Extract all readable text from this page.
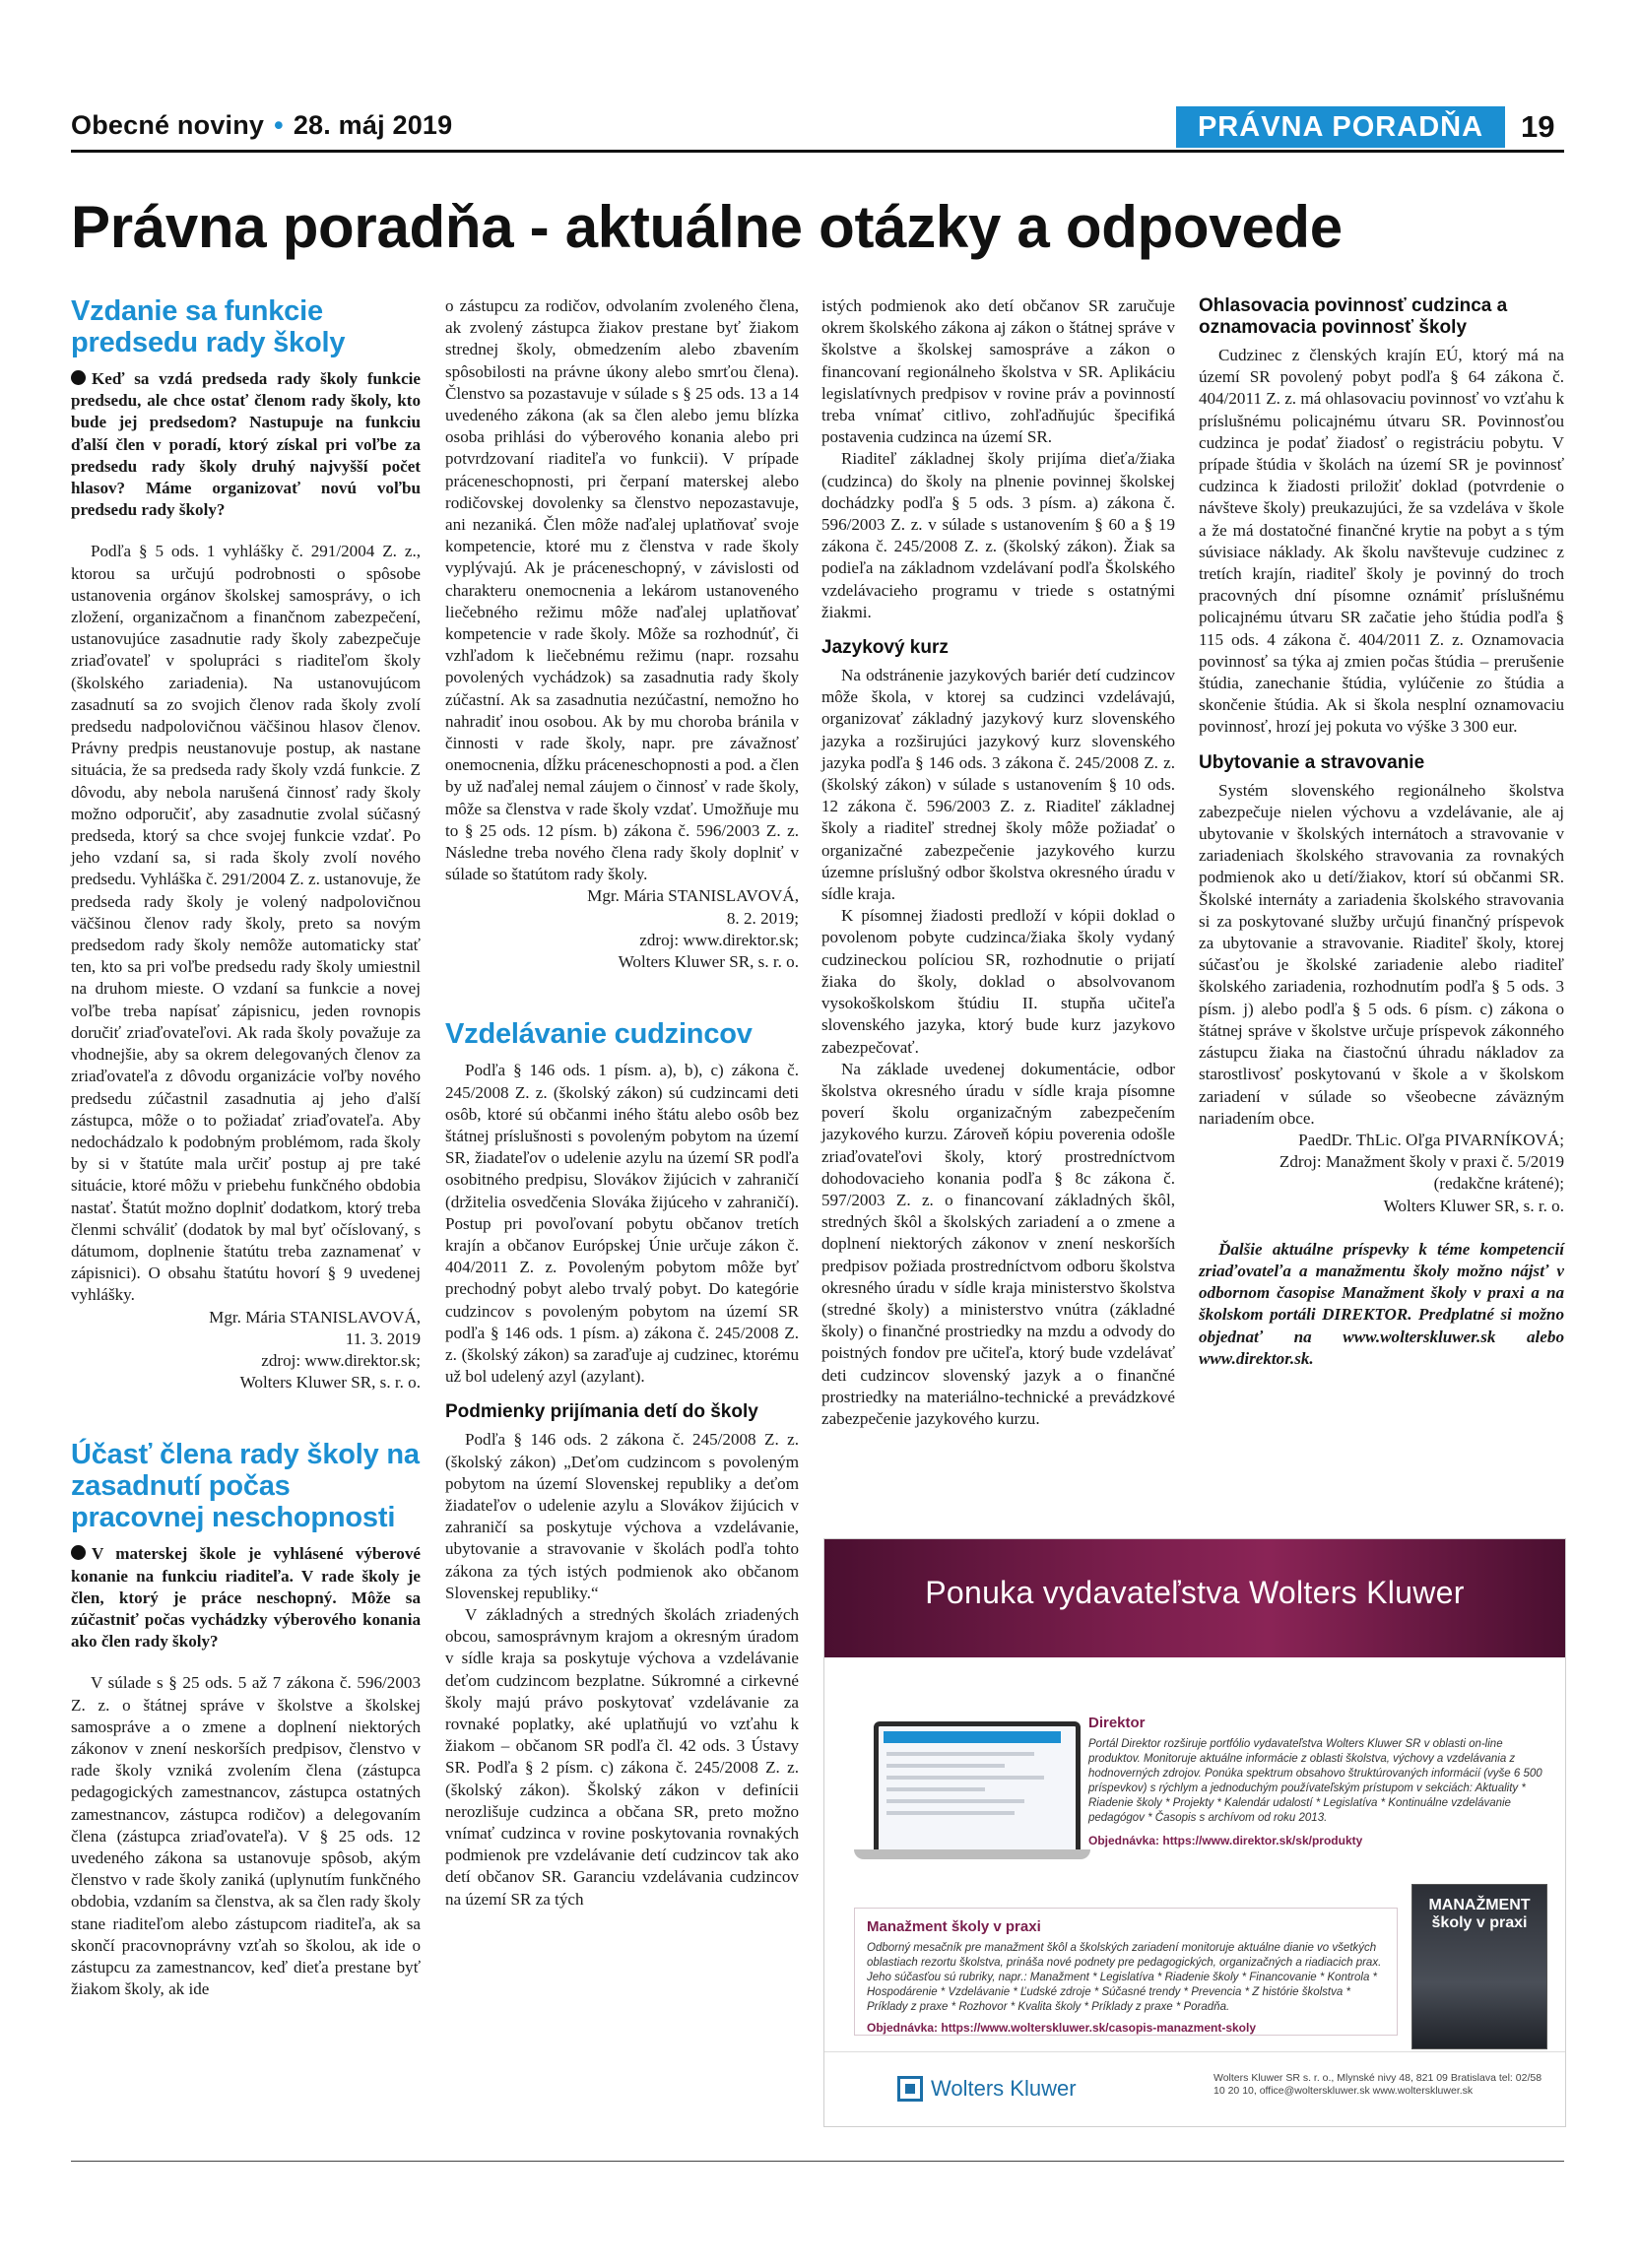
Obecné noviny • 28. máj 2019	PRÁVNA PORADŇA	19
Právna poradňa - aktuálne otázky a odpovede
Vzdanie sa funkcie predsedu rady školy

Keď sa vzdá predseda rady školy funkcie predsedu, ale chce ostať členom rady školy, kto bude jej predsedom? Nastupuje na funkciu ďalší člen v poradí, ktorý získal pri voľbe za predsedu rady školy druhý najvyšší počet hlasov? Máme organizovať novú voľbu predsedu rady školy?

Podľa § 5 ods. 1 vyhlášky č. 291/2004 Z. z., ktorou sa určujú podrobnosti o spôsobe ustanovenia orgánov školskej samosprávy, o ich zložení, organizačnom a finančnom zabezpečení, ustanovujúce zasadnutie rady školy zabezpečuje zriaďovateľ v spolupráci s riaditeľom školy (školského zariadenia). Na ustanovujúcom zasadnutí sa zo svojich členov rada školy zvolí predsedu nadpolovičnou väčšinou hlasov členov. Právny predpis neustanovuje postup, ak nastane situácia, že sa predseda rady školy vzdá funkcie. Z dôvodu, aby nebola narušená činnosť rady školy možno odporučiť, aby zasadnutie zvolal súčasný predseda, ktorý sa chce svojej funkcie vzdať. Po jeho vzdaní sa, si rada školy zvolí nového predsedu. Vyhláška č. 291/2004 Z. z. ustanovuje, že predseda rady školy je volený nadpolovičnou väčšinou členov rady školy, preto sa novým predsedom rady školy nemôže automaticky stať ten, kto sa pri voľbe predsedu rady školy umiestnil na druhom mieste. O vzdaní sa funkcie a novej voľbe treba napísať zápisnicu, jeden rovnopis doručiť zriaďovateľovi. Ak rada školy považuje za vhodnejšie, aby sa okrem delegovaných členov za zriaďovateľa z dôvodu organizácie voľby nového predsedu zúčastnil zasadnutia aj jeho ďalší zástupca, môže o to požiadať zriaďovateľa. Aby nedochádzalo k podobným problémom, rada školy by si v štatúte mala určiť postup aj pre také situácie, ktoré môžu v priebehu funkčného obdobia nastať. Štatút možno doplniť dodatkom, ktorý treba členmi schváliť (dodatok by mal byť očíslovaný, s dátumom, doplnenie štatútu treba zaznamenať v zápisnici). O obsahu štatútu hovorí § 9 uvedenej vyhlášky.

Mgr. Mária STANISLAVOVÁ,

11. 3. 2019

zdroj: www.direktor.sk;

Wolters Kluwer SR, s. r. o.

Účasť člena rady školy na zasadnutí počas pracovnej neschopnosti

V materskej škole je vyhlásené výberové konanie na funkciu riaditeľa. V rade školy je člen, ktorý je práce neschopný. Môže sa zúčastniť počas vychádzky výberového konania ako člen rady školy?

V súlade s § 25 ods. 5 až 7 zákona č. 596/2003 Z. z. o štátnej správe v školstve a školskej samospráve a o zmene a doplnení niektorých zákonov v znení neskorších predpisov, členstvo v rade školy vzniká zvolením člena (zástupca pedagogických zamestnancov, zástupca ostatných zamestnancov, zástupca rodičov) a delegovaním člena (zástupca zriaďovateľa). V § 25 ods. 12 uvedeného zákona sa ustanovuje spôsob, akým členstvo v rade školy zaniká (uplynutím funkčného obdobia, vzdaním sa členstva, ak sa člen rady školy stane riaditeľom alebo zástupcom riaditeľa, ak sa skončí pracovnoprávny vzťah so školou, ak ide o zástupcu za zamestnancov, keď dieťa prestane byť žiakom školy, ak ide

o zástupcu za rodičov, odvolaním zvoleného člena, ak zvolený zástupca žiakov prestane byť žiakom strednej školy, obmedzením alebo zbavením spôsobilosti na právne úkony alebo smrťou člena). Členstvo sa pozastavuje v súlade s § 25 ods. 13 a 14 uvedeného zákona (ak sa člen alebo jemu blízka osoba prihlási do výberového konania alebo pri potvrdzovaní riaditeľa vo funkcii). V prípade práceneschopnosti, pri čerpaní materskej alebo rodičovskej dovolenky sa členstvo nepozastavuje, ani nezaniká. Člen môže naďalej uplatňovať svoje kompetencie, ktoré mu z členstva v rade školy vyplývajú. Ak je práceneschopný, v závislosti od charakteru onemocnenia a lekárom ustanoveného liečebného režimu môže naďalej uplatňovať kompetencie v rade školy. Môže sa rozhodnúť, či vzhľadom k liečebnému režimu (napr. rozsahu povolených vychádzok) sa zasadnutia rady školy zúčastní. Ak sa zasadnutia nezúčastní, nemožno ho nahradiť inou osobou. Ak by mu choroba bránila v činnosti v rade školy, napr. pre závažnosť onemocnenia, dĺžku práceneschopnosti a pod. a člen by už naďalej nemal záujem o činnosť v rade školy, môže sa členstva v rade školy vzdať. Umožňuje mu to § 25 ods. 12 písm. b) zákona č. 596/2003 Z. z. Následne treba nového člena rady školy doplniť v súlade so štatútom rady školy.

Mgr. Mária STANISLAVOVÁ,

8. 2. 2019;

zdroj: www.direktor.sk;

Wolters Kluwer SR, s. r. o.

Vzdelávanie cudzincov

Podľa § 146 ods. 1 písm. a), b), c) zákona č. 245/2008 Z. z. (školský zákon) sú cudzincami deti osôb, ktoré sú občanmi iného štátu alebo osôb bez štátnej príslušnosti s povoleným pobytom na území SR, žiadateľov o udelenie azylu na území SR podľa osobitného predpisu, Slovákov žijúcich v zahraničí (držitelia osvedčenia Slováka žijúceho v zahraničí). Postup pri povoľovaní pobytu občanov tretích krajín a občanov Európskej Únie určuje zákon č. 404/2011 Z. z. Povoleným pobytom môže byť prechodný pobyt alebo trvalý pobyt. Do kategórie cudzincov s povoleným pobytom na území SR podľa § 146 ods. 1 písm. a) zákona č. 245/2008 Z. z. (školský zákon) sa zaraďuje aj cudzinec, ktorému už bol udelený azyl (azylant).

Podmienky prijímania detí do školy

Podľa § 146 ods. 2 zákona č. 245/2008 Z. z. (školský zákon) „Deťom cudzincom s povoleným pobytom na území Slovenskej republiky a deťom žiadateľov o udelenie azylu a Slovákov žijúcich v zahraničí sa poskytuje výchova a vzdelávanie, ubytovanie a stravovanie v školách podľa tohto zákona za tých istých podmienok ako občanom Slovenskej republiky.“

V základných a stredných školách zriadených obcou, samosprávnym krajom a okresným úradom v sídle kraja sa poskytuje výchova a vzdelávanie deťom cudzincom bezplatne. Súkromné a cirkevné školy majú právo poskytovať vzdelávanie za rovnaké poplatky, aké uplatňujú vo vzťahu k žiakom – občanom SR podľa čl. 42 ods. 3 Ústavy SR. Podľa § 2 písm. c) zákona č. 245/2008 Z. z. (školský zákon). Školský zákon v definícii nerozlišuje cudzinca a občana SR, preto možno vnímať cudzinca v rovine poskytovania rovnakých podmienok pre vzdelávanie detí cudzincov tak ako detí občanov SR. Garanciu vzdelávania cudzincov na území SR za tých

istých podmienok ako detí občanov SR zaručuje okrem školského zákona aj zákon o štátnej správe v školstve a školskej samospráve a zákon o financovaní regionálneho školstva v SR. Aplikáciu legislatívnych predpisov v rovine práv a povinností treba vnímať citlivo, zohľadňujúc špecifiká postavenia cudzinca na území SR.

Riaditeľ základnej školy prijíma dieťa/žiaka (cudzinca) do školy na plnenie povinnej školskej dochádzky podľa § 5 ods. 3 písm. a) zákona č. 596/2003 Z. z. v súlade s ustanovením § 60 a § 19 zákona č. 245/2008 Z. z. (školský zákon). Žiak sa podieľa na základnom vzdelávaní podľa Školského vzdelávacieho programu v triede s ostatnými žiakmi.

Jazykový kurz

Na odstránenie jazykových bariér detí cudzincov môže škola, v ktorej sa cudzinci vzdelávajú, organizovať základný jazykový kurz slovenského jazyka a rozširujúci jazykový kurz slovenského jazyka podľa § 146 ods. 3 zákona č. 245/2008 Z. z. (školský zákon) v súlade s ustanovením § 10 ods. 12 zákona č. 596/2003 Z. z. Riaditeľ základnej školy a riaditeľ strednej školy môže požiadať o organizačné zabezpečenie jazykového kurzu územne príslušný odbor školstva okresného úradu v sídle kraja.

K písomnej žiadosti predloží v kópii doklad o povolenom pobyte cudzinca/žiaka školy vydaný cudzineckou políciou SR, rozhodnutie o prijatí žiaka do školy, doklad o absolvovanom vysokoškolskom štúdiu II. stupňa učiteľa slovenského jazyka, ktorý bude kurz jazykovo zabezpečovať.

Na základe uvedenej dokumentácie, odbor školstva okresného úradu v sídle kraja písomne poverí školu organizačným zabezpečením jazykového kurzu. Zároveň kópiu poverenia odošle zriaďovateľovi školy, ktorý prostredníctvom dohodovacieho konania podľa § 8c zákona č. 597/2003 Z. z. o financovaní základných škôl, stredných škôl a školských zariadení a o zmene a doplnení niektorých zákonov v znení neskorších predpisov požiada prostredníctvom odboru školstva okresného úradu v sídle kraja ministerstvo školstva (stredné školy) a ministerstvo vnútra (základné školy) o finančné prostriedky na mzdu a odvody do poistných fondov pre učiteľa, ktorý bude vzdelávať deti cudzincov slovenský jazyk a o finančné prostriedky na materiálno-technické a prevádzkové zabezpečenie jazykového kurzu.

Ohlasovacia povinnosť cudzinca a oznamovacia povinnosť školy

Cudzinec z členských krajín EÚ, ktorý má na území SR povolený pobyt podľa § 64 zákona č. 404/2011 Z. z. má ohlasovaciu povinnosť vo vzťahu k príslušnému policajnému útvaru SR. Povinnosťou cudzinca je podať žiadosť o registráciu pobytu. V prípade štúdia v školách na území SR je povinnosť cudzinca k žiadosti priložiť doklad (potvrdenie o návšteve školy) preukazujúci, že sa vzdeláva v škole a že má dostatočné finančné krytie na pobyt a s tým súvisiace náklady. Ak školu navštevuje cudzinec z tretích krajín, riaditeľ školy je povinný do troch pracovných dní písomne oznámiť príslušnému policajnému útvaru SR začatie jeho štúdia podľa § 115 ods. 4 zákona č. 404/2011 Z. z. Oznamovacia povinnosť sa týka aj zmien počas štúdia – prerušenie štúdia, zanechanie štúdia, vylúčenie zo štúdia a skončenie štúdia. Ak si škola nesplní oznamovaciu povinnosť, hrozí jej pokuta vo výške 3 300 eur.

Ubytovanie a stravovanie

Systém slovenského regionálneho školstva zabezpečuje nielen výchovu a vzdelávanie, ale aj ubytovanie v školských internátoch a stravovanie v zariadeniach školského stravovania za rovnakých podmienok ako u detí/žiakov, ktorí sú občanmi SR. Školské internáty a zariadenia školského stravovania si za poskytované služby určujú finančný príspevok za ubytovanie a stravovanie. Riaditeľ školy, ktorej súčasťou je školské zariadenie alebo riaditeľ školského zariadenia, rozhodnutím podľa § 5 ods. 3 písm. j) alebo podľa § 5 ods. 6 písm. c) zákona o štátnej správe v školstve určuje príspevok zákonného zástupcu žiaka na čiastočnú úhradu nákladov za starostlivosť poskytovanú v škole a v školskom zariadení v súlade so všeobecne záväzným nariadením obce.

PaedDr. ThLic. Oľga PIVARNÍKOVÁ;

Zdroj: Manažment školy v praxi č. 5/2019

(redakčne krátené);

Wolters Kluwer SR, s. r. o.

Ďalšie aktuálne príspevky k téme kompetencií zriaďovateľa a manažmentu školy možno nájsť v odbornom časopise Manažment školy v praxi a na školskom portáli DIREKTOR. Predplatné si možno objednať na www.wolterskluwer.sk alebo www.direktor.sk.

Ponuka vydavateľstva Wolters Kluwer
Direktor
Portál Direktor rozširuje portfólio vydavateľstva Wolters Kluwer SR v oblasti on-line produktov. Monitoruje aktuálne informácie z oblasti školstva, výchovy a vzdelávania z hodnoverných zdrojov. Ponúka spektrum obsahovo štruktúrovaných informácií (vyše 6 500 príspevkov) s rýchlym a jednoduchým používateľským prístupom v sekciách: Aktuality * Riadenie školy * Projekty * Kalendár udalostí * Legislatíva * Kontinuálne vzdelávanie pedagógov * Časopis s archívom od roku 2013.
Objednávka: https://www.direktor.sk/sk/produkty
Manažment školy v praxi
Odborný mesačník pre manažment škôl a školských zariadení monitoruje aktuálne dianie vo všetkých oblastiach rezortu školstva, prináša nové podnety pre pedagogických, organizačných a riadiacich prax. Jeho súčasťou sú rubriky, napr.: Manažment * Legislatíva * Riadenie školy * Financovanie * Kontrola * Hospodárenie * Vzdelávanie * Ľudské zdroje * Súčasné trendy * Prevencia * Z histórie školstva * Príklady z praxe * Rozhovor * Kvalita školy * Príklady z praxe * Poradňa.
Objednávka: https://www.wolterskluwer.sk/casopis-manazment-skoly
MANAŽMENT školy v praxi
Wolters Kluwer	Wolters Kluwer SR s. r. o., Mlynské nivy 48, 821 09 Bratislava tel: 02/58 10 20 10, office@wolterskluwer.sk www.wolterskluwer.sk
